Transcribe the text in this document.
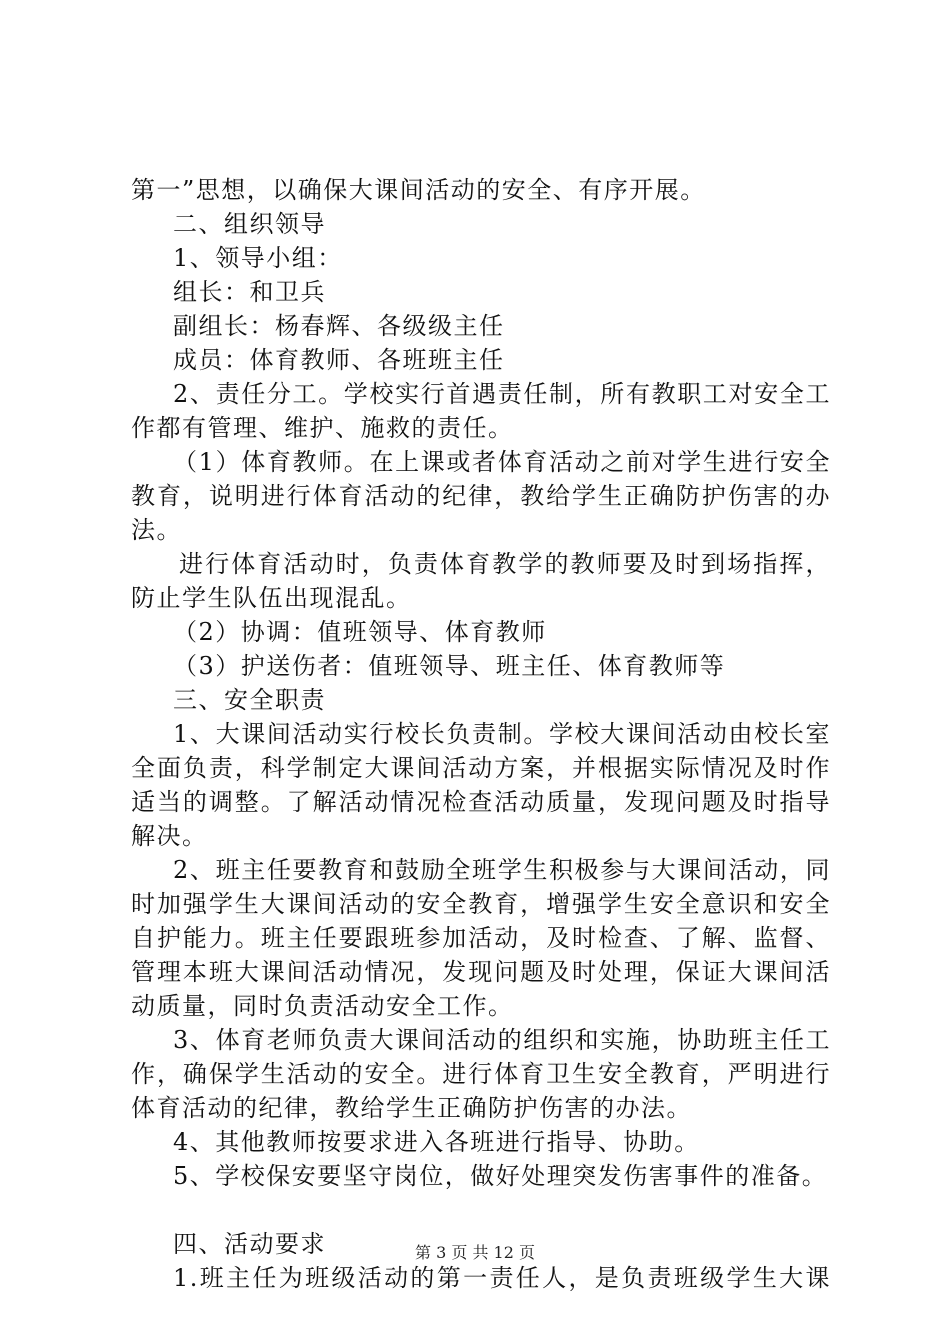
第一”思想，以确保大课间活动的安全、有序开展。
二、组织领导
1、领导小组：
组长：和卫兵
副组长：杨春辉、各级级主任
成员：体育教师、各班班主任
2、责任分工。学校实行首遇责任制，所有教职工对安全工
作都有管理、维护、施救的责任。
（1）体育教师。在上课或者体育活动之前对学生进行安全
教育，说明进行体育活动的纪律，教给学生正确防护伤害的办
法。
进行体育活动时，负责体育教学的教师要及时到场指挥，
防止学生队伍出现混乱。
（2）协调：值班领导、体育教师
（3）护送伤者：值班领导、班主任、体育教师等
三、安全职责
1、大课间活动实行校长负责制。学校大课间活动由校长室
全面负责，科学制定大课间活动方案，并根据实际情况及时作
适当的调整。了解活动情况检查活动质量，发现问题及时指导
解决。
2、班主任要教育和鼓励全班学生积极参与大课间活动，同
时加强学生大课间活动的安全教育，增强学生安全意识和安全
自护能力。班主任要跟班参加活动，及时检查、了解、监督、
管理本班大课间活动情况，发现问题及时处理，保证大课间活
动质量，同时负责活动安全工作。
3、体育老师负责大课间活动的组织和实施，协助班主任工
作，确保学生活动的安全。进行体育卫生安全教育，严明进行
体育活动的纪律，教给学生正确防护伤害的办法。
4、其他教师按要求进入各班进行指导、协助。
5、学校保安要坚守岗位，做好处理突发伤害事件的准备。
四、活动要求
1.班主任为班级活动的第一责任人，是负责班级学生大课
第 3 页 共 12 页
